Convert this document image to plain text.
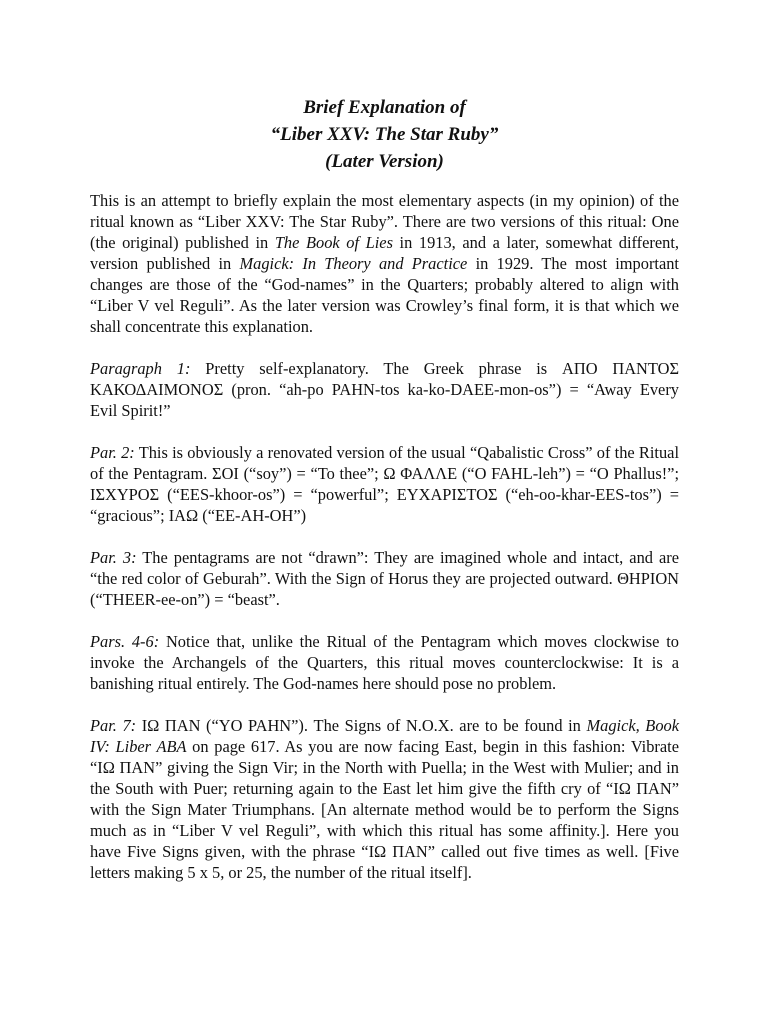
Brief Explanation of
“Liber XXV: The Star Ruby”
(Later Version)

This is an attempt to briefly explain the most elementary aspects (in my opinion) of the ritual known as “Liber XXV: The Star Ruby”. There are two versions of this ritual: One (the original) published in The Book of Lies in 1913, and a later, somewhat different, version published in Magick: In Theory and Practice in 1929. The most important changes are those of the “God-names” in the Quarters; probably altered to align with “Liber V vel Reguli”. As the later version was Crowley’s final form, it is that which we shall concentrate this explanation.

Paragraph 1: Pretty self-explanatory. The Greek phrase is ΑΠΟ ΠΑΝΤΟΣ ΚΑΚΟΔΑΙΜΟΝΟΣ (pron. “ah-po PAHN-tos ka-ko-DAEE-mon-os”) = “Away Every Evil Spirit!”

Par. 2: This is obviously a renovated version of the usual “Qabalistic Cross” of the Ritual of the Pentagram. ΣΟΙ (“soy”) = “To thee”; Ω ΦΑΛΛΕ (“O FAHL-leh”) = “O Phallus!”; ΙΣΧΥΡΟΣ (“EES-khoor-os”) = “powerful”; ΕΥΧΑΡΙΣΤΟΣ (“eh-oo-khar-EES-tos”) = “gracious”; ΙΑΩ (“EE-AH-OH”)

Par. 3: The pentagrams are not “drawn”: They are imagined whole and intact, and are “the red color of Geburah”. With the Sign of Horus they are projected outward. ΘΗΡΙΟΝ (“THEER-ee-on”) = “beast”.

Pars. 4-6: Notice that, unlike the Ritual of the Pentagram which moves clockwise to invoke the Archangels of the Quarters, this ritual moves counterclockwise: It is a banishing ritual entirely. The God-names here should pose no problem.

Par. 7: ΙΩ ΠΑΝ (“YO PAHN”). The Signs of N.O.X. are to be found in Magick, Book IV: Liber ABA on page 617. As you are now facing East, begin in this fashion: Vibrate “ΙΩ ΠΑΝ” giving the Sign Vir; in the North with Puella; in the West with Mulier; and in the South with Puer; returning again to the East let him give the fifth cry of “ΙΩ ΠΑΝ” with the Sign Mater Triumphans. [An alternate method would be to perform the Signs much as in “Liber V vel Reguli”, with which this ritual has some affinity.]. Here you have Five Signs given, with the phrase “ΙΩ ΠΑΝ” called out five times as well. [Five letters making 5 x 5, or 25, the number of the ritual itself].
